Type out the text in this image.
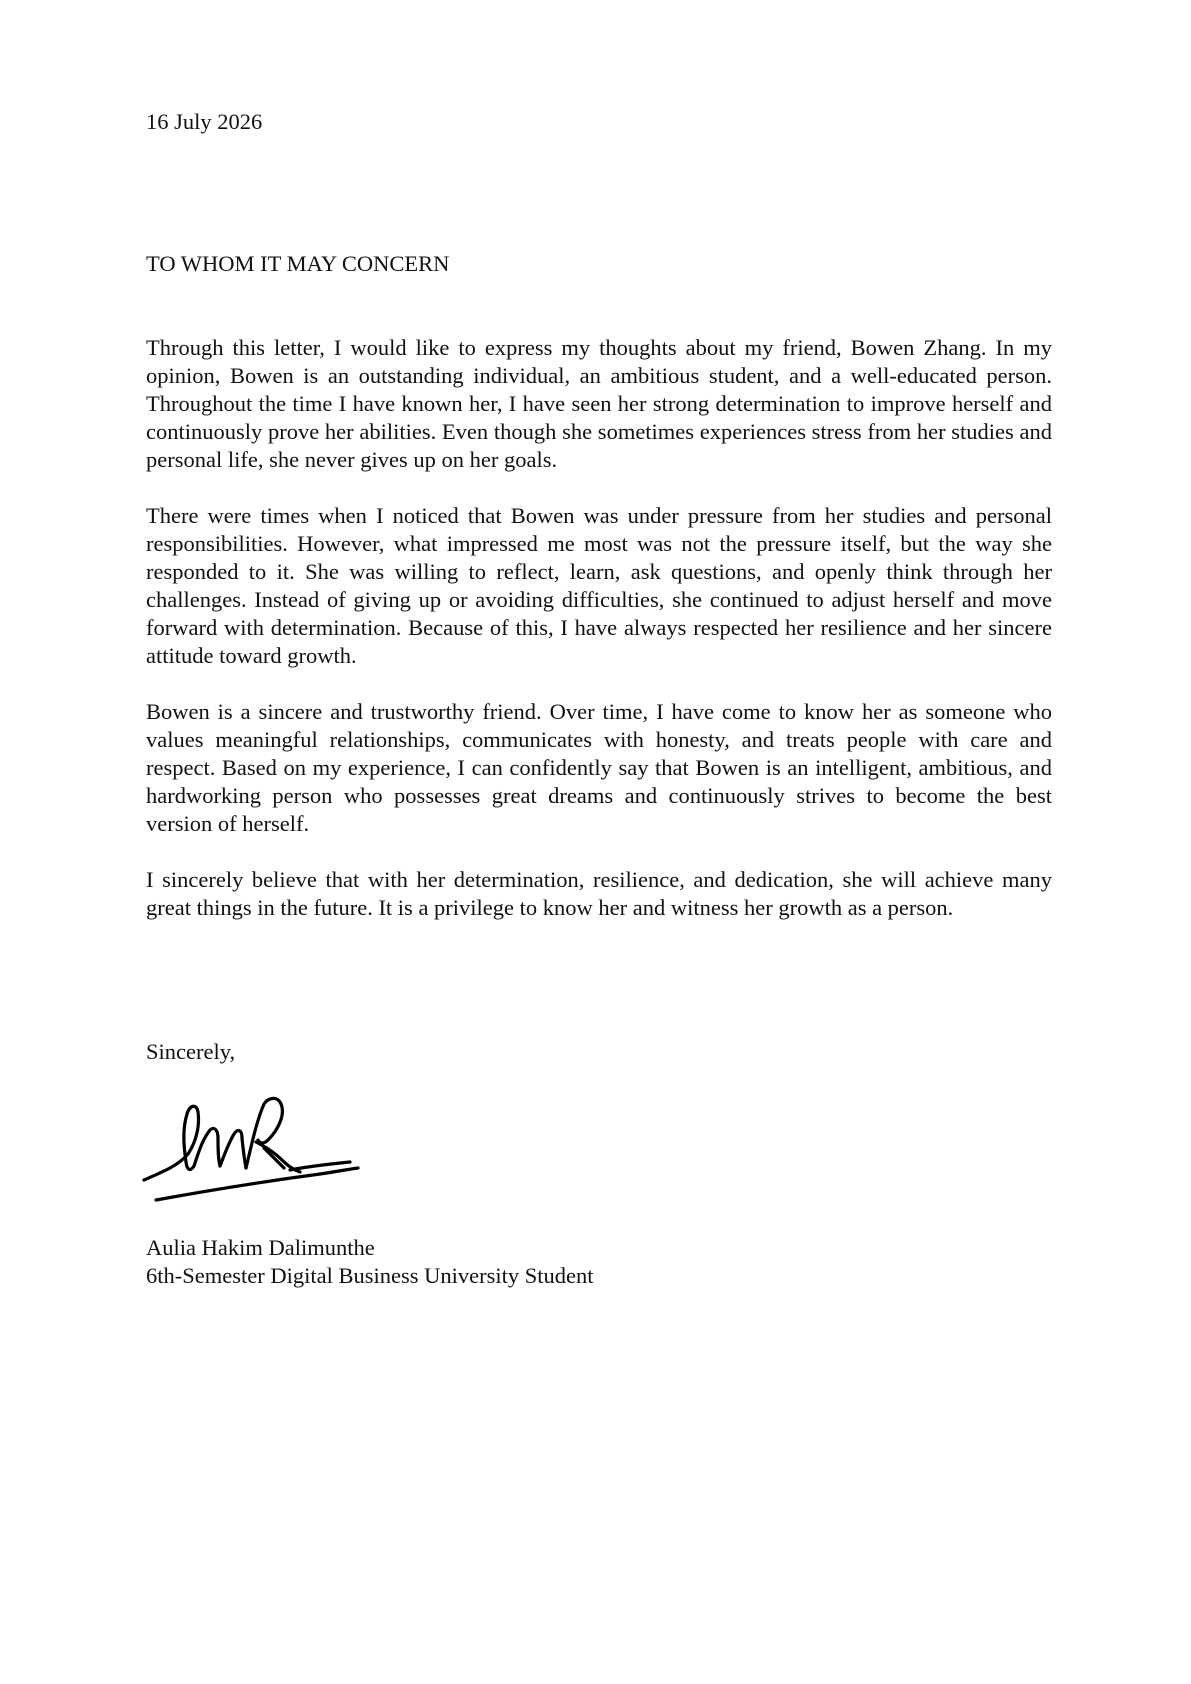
16 July 2026
TO WHOM IT MAY CONCERN

Through this letter, I would like to express my thoughts about my friend, Bowen Zhang. In my opinion, Bowen is an outstanding individual, an ambitious student, and a well-educated person. Throughout the time I have known her, I have seen her strong determination to improve herself and continuously prove her abilities. Even though she sometimes experiences stress from her studies and personal life, she never gives up on her goals.

There were times when I noticed that Bowen was under pressure from her studies and personal responsibilities. However, what impressed me most was not the pressure itself, but the way she responded to it. She was willing to reflect, learn, ask questions, and openly think through her challenges. Instead of giving up or avoiding difficulties, she continued to adjust herself and move forward with determination. Because of this, I have always respected her resilience and her sincere attitude toward growth.

Bowen is a sincere and trustworthy friend. Over time, I have come to know her as someone who values meaningful relationships, communicates with honesty, and treats people with care and respect. Based on my experience, I can confidently say that Bowen is an intelligent, ambitious, and hardworking person who possesses great dreams and continuously strives to become the best version of herself.

I sincerely believe that with her determination, resilience, and dedication, she will achieve many great things in the future. It is a privilege to know her and witness her growth as a person.

Sincerely,
Aulia Hakim Dalimunthe
6th-Semester Digital Business University Student
